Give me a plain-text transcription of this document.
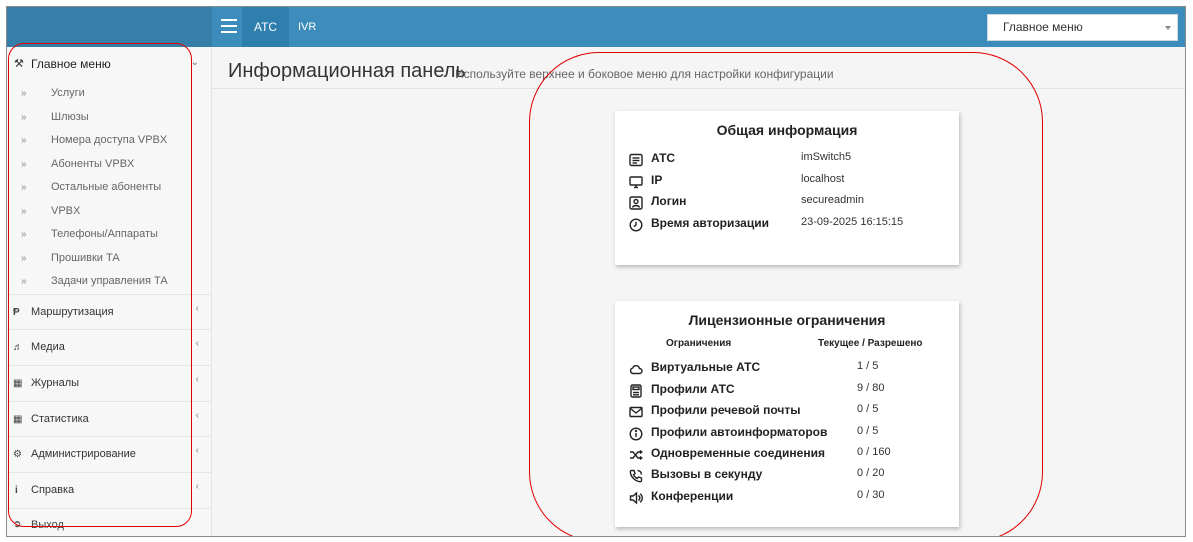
АТС	IVR	Главное меню
⚒ Главное меню	⌄
» Услуги
» Шлюзы
» Номера доступа VPBX
» Абоненты VPBX
» Остальные абоненты
» VPBX
» Телефоны/Аппараты
» Прошивки ТА
» Задачи управления ТА
Ᵽ Маршрутизация	‹
♬ Медиа	‹
▦ Журналы	‹
▦ Статистика	‹
⚙ Администрирование	‹
i Справка	‹
➲ Выход
Информационная панель
Используйте верхнее и боковое меню для настройки конфигурации
Общая информация
АТС	imSwitch5
IP	localhost
Логин	secureadmin
Время авторизации	23-09-2025 16:15:15
Лицензионные ограничения
Ограничения	Текущее / Разрешено
Виртуальные АТС	1 / 5
Профили АТС	9 / 80
Профили речевой почты	0 / 5
Профили автоинформаторов	0 / 5
Одновременные соединения	0 / 160
Вызовы в секунду	0 / 20
Конференции	0 / 30
